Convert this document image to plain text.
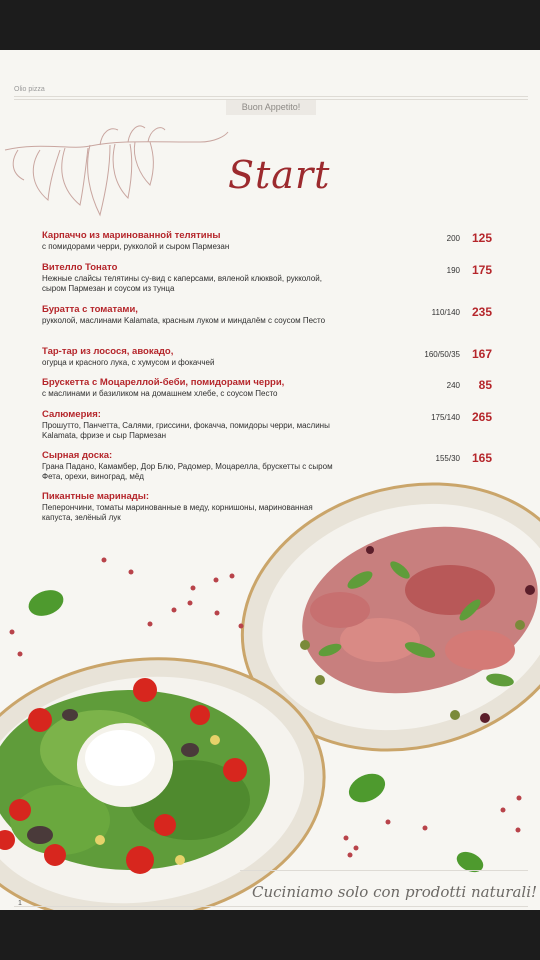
Olio pizza
Buon Appetito!
Start
Карпаччо из маринованной телятины
с помидорами черри, рукколой и сыром Пармезан
200 125
Вителло Тонато
Нежные слайсы телятины су-вид с каперсами, вяленой клюквой, рукколой, сыром Пармезан и соусом из тунца
190 175
Буратта с томатами,
рукколой, маслинами Kalamata, красным луком и миндалём с соусом Песто
110/140 235
Тар-тар из лосося, авокадо,
огурца и красного лука, с хумусом и фокаччей
160/50/35 167
Брускетта с Моцареллой-беби, помидорами черри,
с маслинами и базиликом на домашнем хлебе, с соусом Песто
240 85
Салюмерия:
Прошутто, Панчетта, Салями, гриссини, фокачча, помидоры черри, маслины Kalamata, фризе и сыр Пармезан
175/140 265
Сырная доска:
Грана Падано, Камамбер, Дор Блю, Радомер, Моцарелла, брускетты с сыром Фета, орехи, виноград, мёд
155/30 165
Пикантные маринады:
Пеперончини, томаты маринованные в меду, корнишоны, маринованная капуста, зелёный лук
Cuciniamo solo con prodotti naturali!
1
